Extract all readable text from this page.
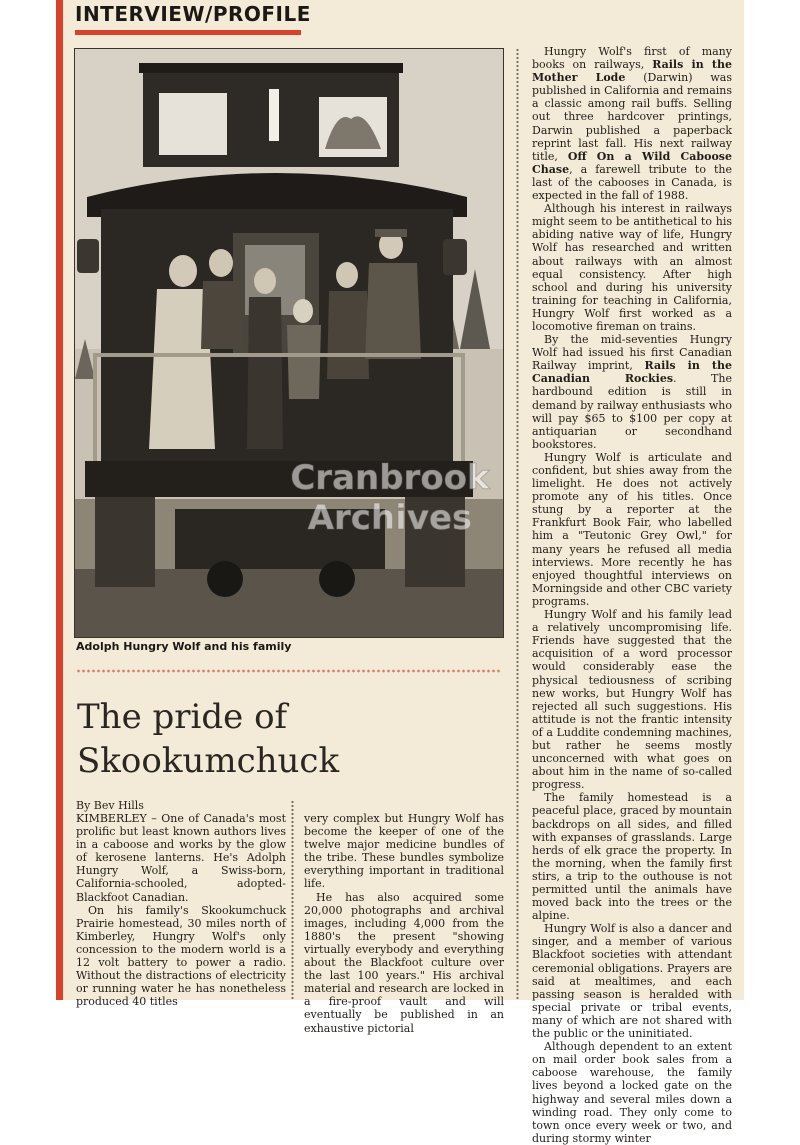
INTERVIEW/PROFILE
Cranbrook
Archives
Adolph Hungry Wolf and his family
The pride of
Skookumchuck
By Bev Hills

KIMBERLEY – One of Canada's most prolific but least known authors lives in a caboose and works by the glow of kerosene lanterns. He's Adolph Hungry Wolf, a Swiss-born, California-schooled, adopted-Blackfoot Canadian.

On his family's Skookumchuck Prairie homestead, 30 miles north of Kimberley, Hungry Wolf's only concession to the modern world is a 12 volt battery to power a radio. Without the distractions of electricity or running water he has nonetheless produced 40 titles

very complex but Hungry Wolf has become the keeper of one of the twelve major medicine bundles of the tribe. These bundles symbolize everything important in traditional life.

He has also acquired some 20,000 photographs and archival images, including 4,000 from the 1880's the present "showing virtually everybody and everything about the Blackfoot culture over the last 100 years." His archival material and research are locked in a fire-proof vault and will eventually be published in an exhaustive pictorial

Hungry Wolf's first of many books on railways, Rails in the Mother Lode (Darwin) was published in California and remains a classic among rail buffs. Selling out three hardcover printings, Darwin published a paperback reprint last fall. His next railway title, Off On a Wild Caboose Chase, a farewell tribute to the last of the cabooses in Canada, is expected in the fall of 1988.

Although his interest in railways might seem to be antithetical to his abiding native way of life, Hungry Wolf has researched and written about railways with an almost equal consistency. After high school and during his university training for teaching in California, Hungry Wolf first worked as a locomotive fireman on trains.

By the mid-seventies Hungry Wolf had issued his first Canadian Railway imprint, Rails in the Canadian Rockies. The hardbound edition is still in demand by railway enthusiasts who will pay $65 to $100 per copy at antiquarian or secondhand bookstores.

Hungry Wolf is articulate and confident, but shies away from the limelight. He does not actively promote any of his titles. Once stung by a reporter at the Frankfurt Book Fair, who labelled him a "Teutonic Grey Owl," for many years he refused all media interviews. More recently he has enjoyed thoughtful interviews on Morningside and other CBC variety programs.

Hungry Wolf and his family lead a relatively uncompromising life. Friends have suggested that the acquisition of a word processor would considerably ease the physical tediousness of scribing new works, but Hungry Wolf has rejected all such suggestions. His attitude is not the frantic intensity of a Luddite condemning machines, but rather he seems mostly unconcerned with what goes on about him in the name of so-called progress.

The family homestead is a peaceful place, graced by mountain backdrops on all sides, and filled with expanses of grasslands. Large herds of elk grace the property. In the morning, when the family first stirs, a trip to the outhouse is not permitted until the animals have moved back into the trees or the alpine.

Hungry Wolf is also a dancer and singer, and a member of various Blackfoot societies with attendant ceremonial obligations. Prayers are said at mealtimes, and each passing season is heralded with special private or tribal events, many of which are not shared with the public or the uninitiated.

Although dependent to an extent on mail order book sales from a caboose warehouse, the family lives beyond a locked gate on the highway and several miles down a winding road. They only come to town once every week or two, and during stormy winter
